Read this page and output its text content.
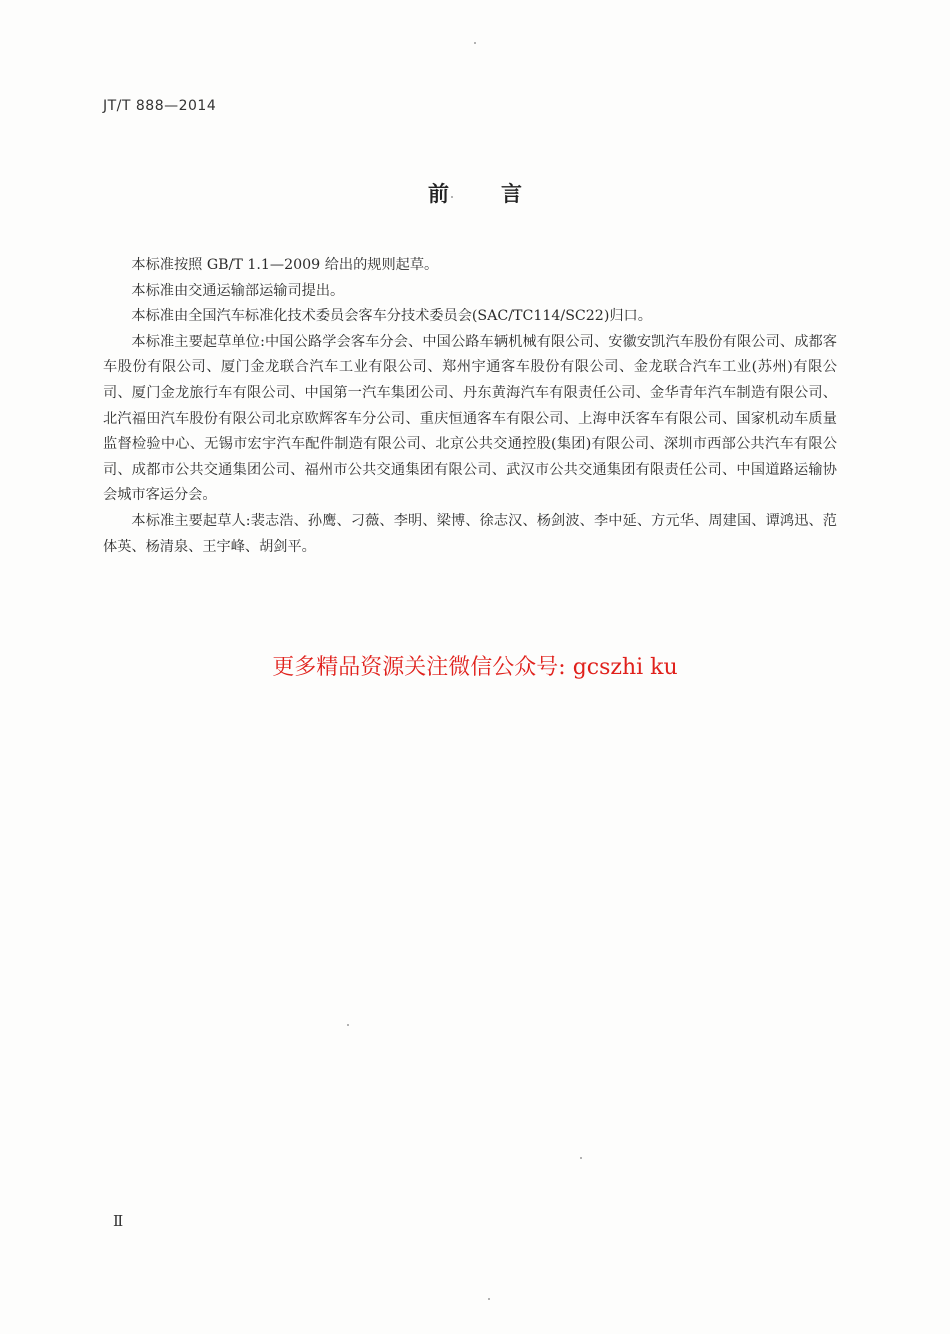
JT/T 888—2014
前 言

本标准按照 GB/T 1.1—2009 给出的规则起草。

本标准由交通运输部运输司提出。

本标准由全国汽车标准化技术委员会客车分技术委员会(SAC/TC114/SC22)归口。

本标准主要起草单位:中国公路学会客车分会、中国公路车辆机械有限公司、安徽安凯汽车股份有限公司、成都客车股份有限公司、厦门金龙联合汽车工业有限公司、郑州宇通客车股份有限公司、金龙联合汽车工业(苏州)有限公司、厦门金龙旅行车有限公司、中国第一汽车集团公司、丹东黄海汽车有限责任公司、金华青年汽车制造有限公司、北汽福田汽车股份有限公司北京欧辉客车分公司、重庆恒通客车有限公司、上海申沃客车有限公司、国家机动车质量监督检验中心、无锡市宏宇汽车配件制造有限公司、北京公共交通控股(集团)有限公司、深圳市西部公共汽车有限公司、成都市公共交通集团公司、福州市公共交通集团有限公司、武汉市公共交通集团有限责任公司、中国道路运输协会城市客运分会。

本标准主要起草人:裴志浩、孙鹰、刁薇、李明、梁博、徐志汉、杨剑波、李中延、方元华、周建国、谭鸿迅、范体英、杨清泉、王宇峰、胡剑平。

更多精品资源关注微信公众号: gcszhi ku
Ⅱ
